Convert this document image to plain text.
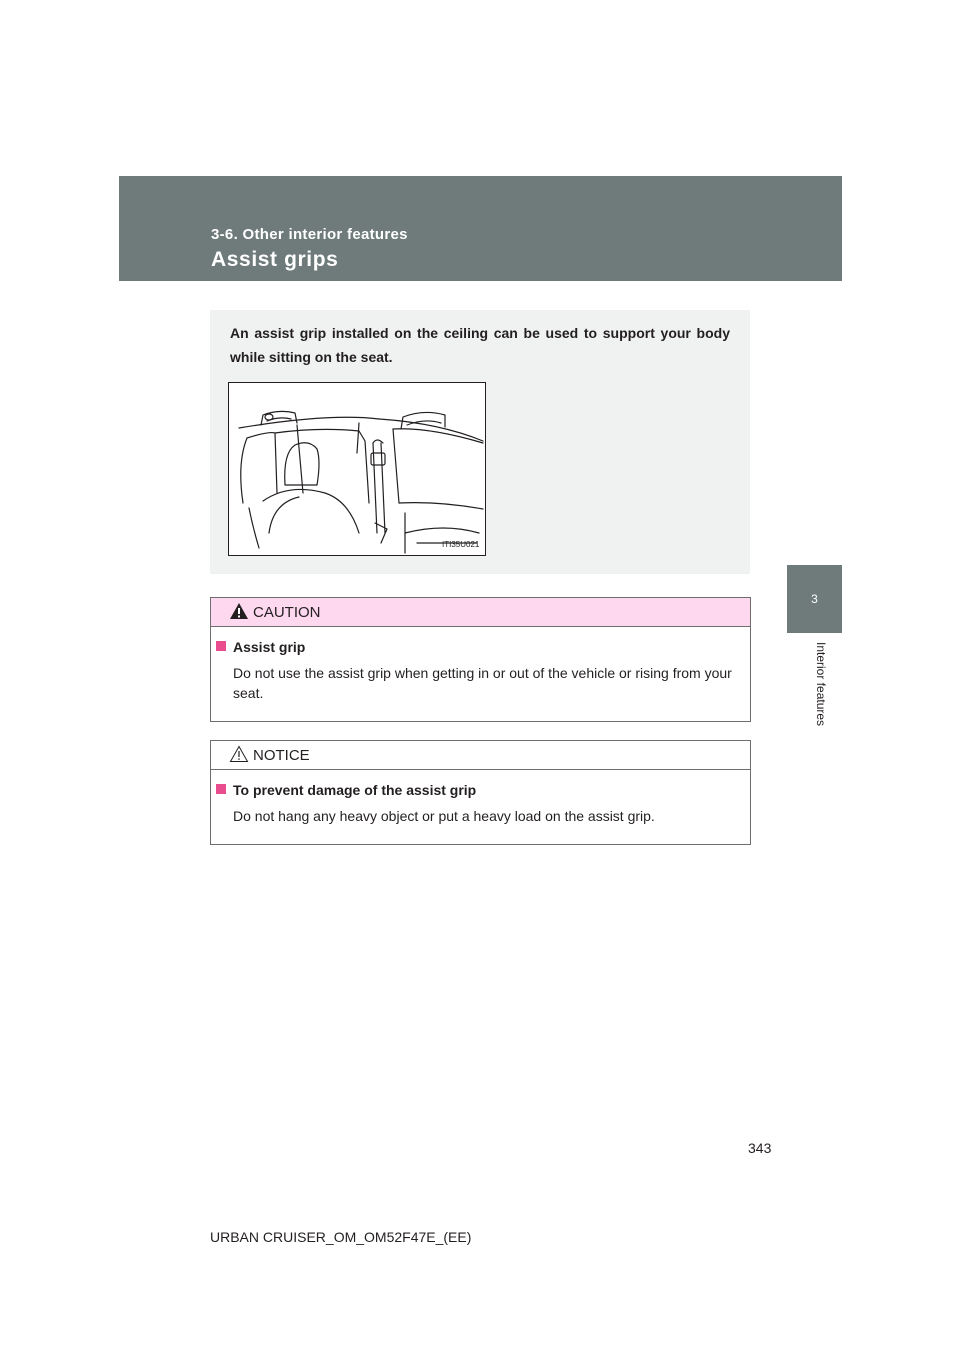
3-6. Other interior features
Assist grips
3
Interior features
An assist grip installed on the ceiling can be used to support your body while sitting on the seat.
ITI35U021
CAUTION
Assist grip
Do not use the assist grip when getting in or out of the vehicle or rising from your seat.
NOTICE
To prevent damage of the assist grip
Do not hang any heavy object or put a heavy load on the assist grip.
343
URBAN CRUISER_OM_OM52F47E_(EE)
